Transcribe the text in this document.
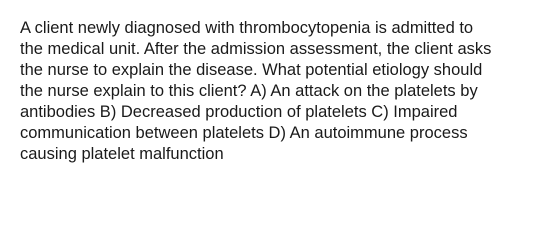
A client newly diagnosed with thrombocytopenia is admitted to
the medical unit. After the admission assessment, the client asks
the nurse to explain the disease. What potential etiology should
the nurse explain to this client? A) An attack on the platelets by
antibodies B) Decreased production of platelets C) Impaired
communication between platelets D) An autoimmune process
causing platelet malfunction
